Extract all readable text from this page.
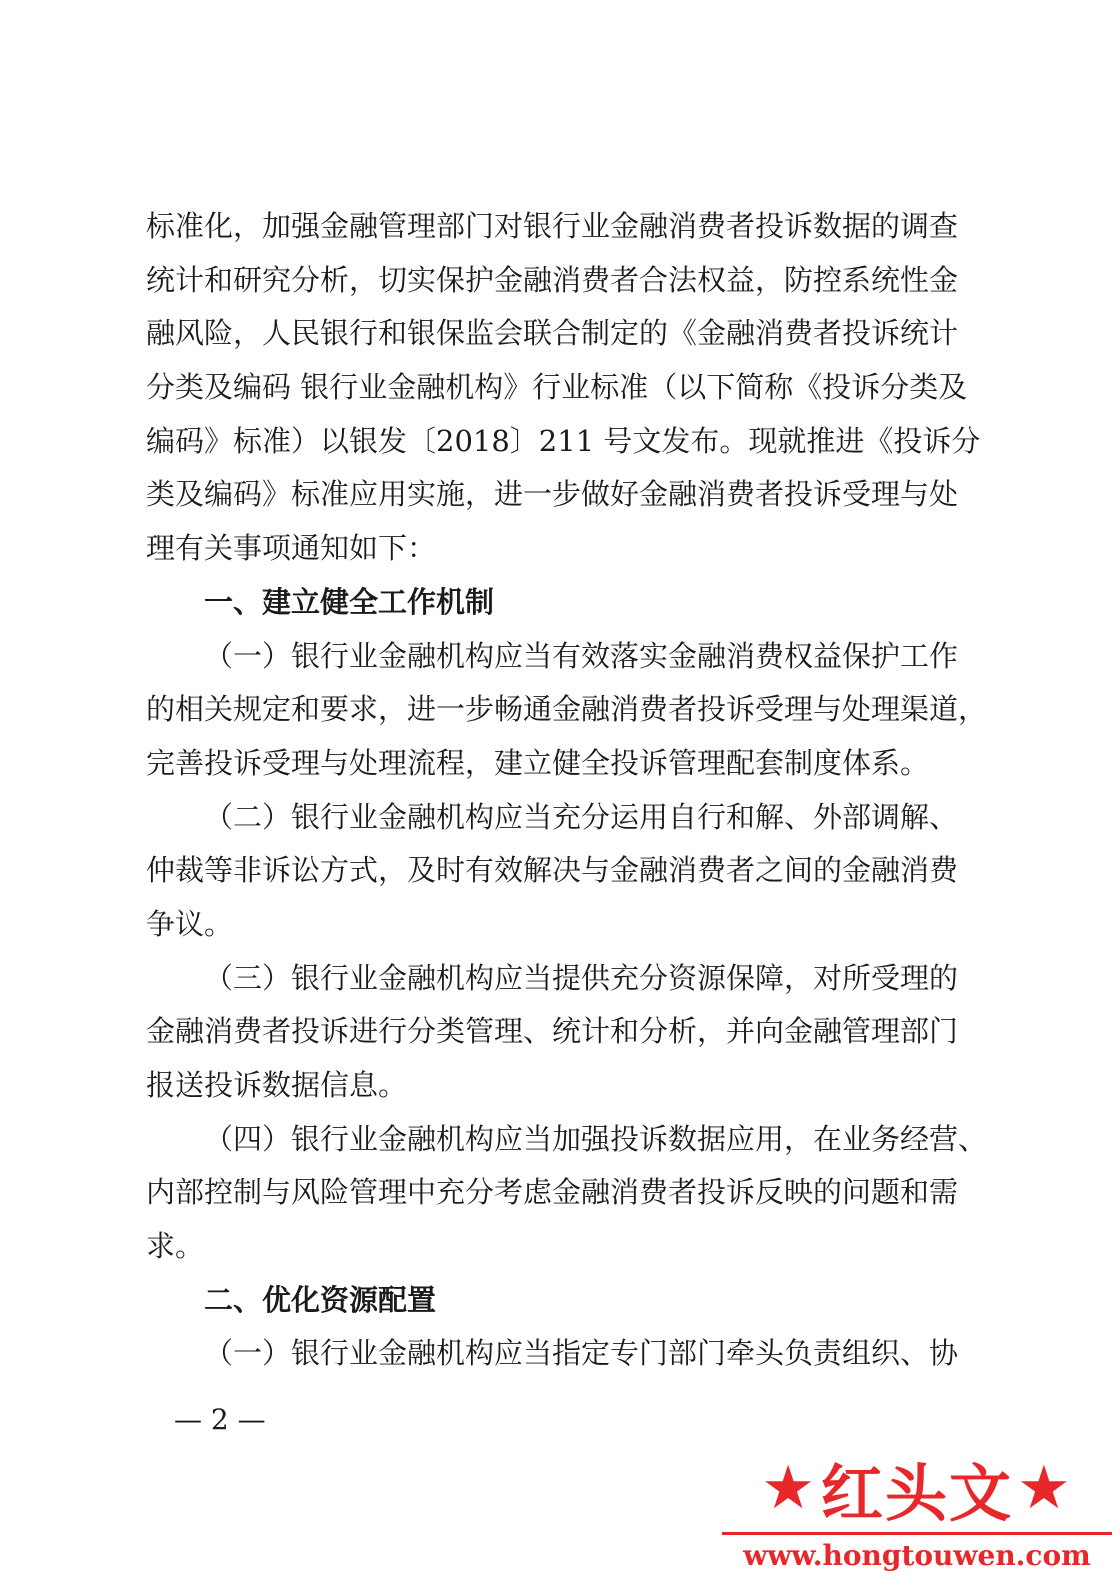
标准化，加强金融管理部门对银行业金融消费者投诉数据的调查
统计和研究分析，切实保护金融消费者合法权益，防控系统性金
融风险，人民银行和银保监会联合制定的《金融消费者投诉统计
分类及编码 银行业金融机构》行业标准（以下简称《投诉分类及
编码》标准）以银发〔2018〕211 号文发布。现就推进《投诉分
类及编码》标准应用实施，进一步做好金融消费者投诉受理与处
理有关事项通知如下：
一、建立健全工作机制
（一）银行业金融机构应当有效落实金融消费权益保护工作
的相关规定和要求，进一步畅通金融消费者投诉受理与处理渠道，
完善投诉受理与处理流程，建立健全投诉管理配套制度体系。
（二）银行业金融机构应当充分运用自行和解、外部调解、
仲裁等非诉讼方式，及时有效解决与金融消费者之间的金融消费
争议。
（三）银行业金融机构应当提供充分资源保障，对所受理的
金融消费者投诉进行分类管理、统计和分析，并向金融管理部门
报送投诉数据信息。
（四）银行业金融机构应当加强投诉数据应用，在业务经营、
内部控制与风险管理中充分考虑金融消费者投诉反映的问题和需
求。
二、优化资源配置
（一）银行业金融机构应当指定专门部门牵头负责组织、协
— 2 —
★ 红头文 ★
www.hongtouwen.com
